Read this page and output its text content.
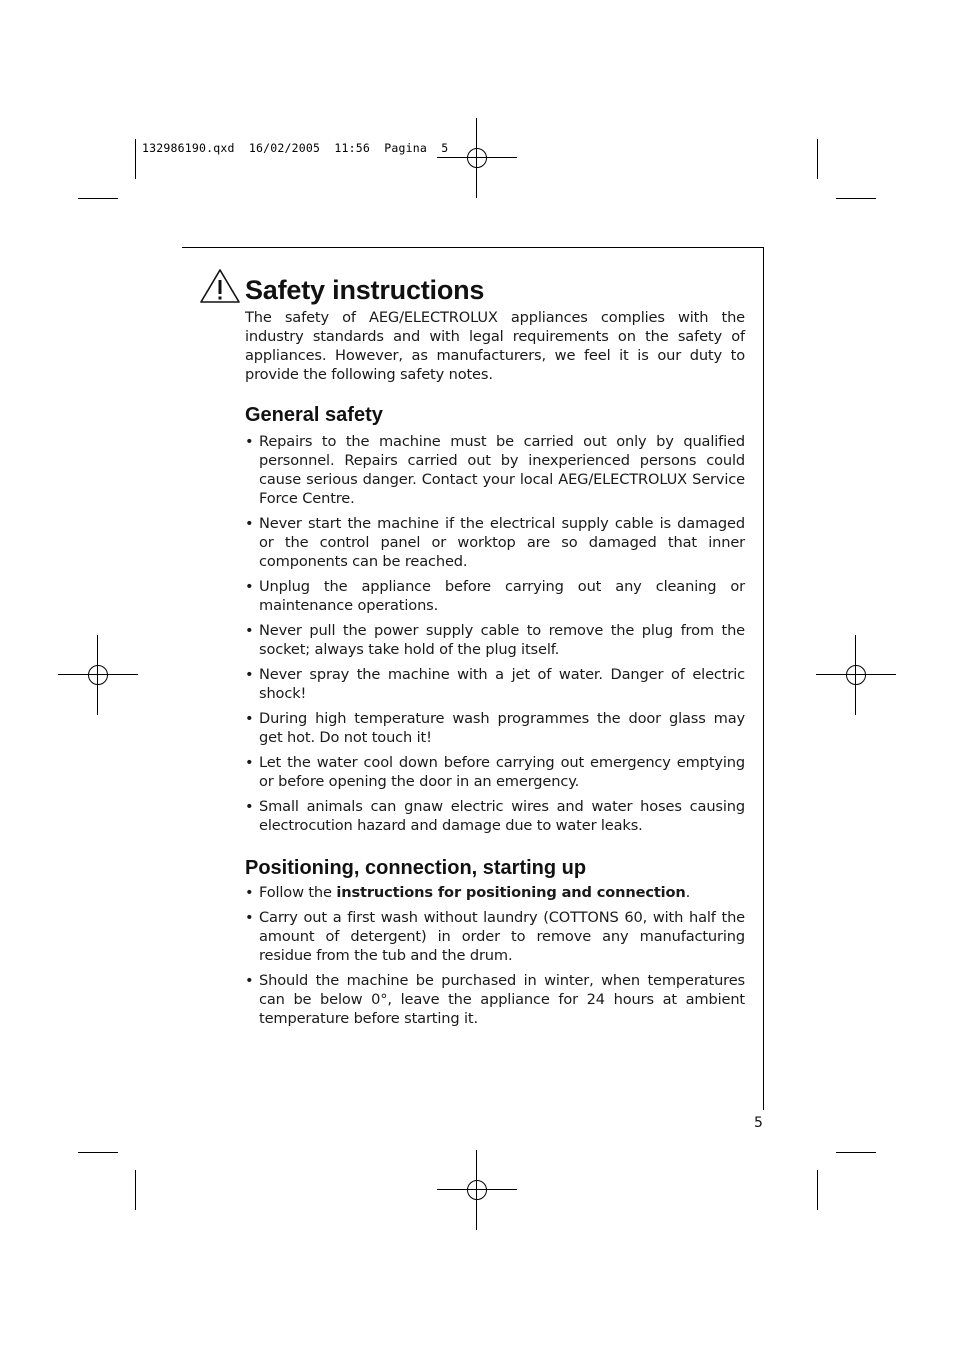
132986190.qxd  16/02/2005  11:56  Pagina  5
Safety instructions

The safety of AEG/ELECTROLUX appliances complies with the industry standards and with legal requirements on the safety of appliances. However, as manufacturers, we feel it is our duty to provide the following safety notes.

General safety
• Repairs to the machine must be carried out only by qualified personnel. Repairs carried out by inexperienced persons could cause serious danger. Contact your local AEG/ELECTROLUX Service Force Centre.
• Never start the machine if the electrical supply cable is damaged or the control panel or worktop are so damaged that inner components can be reached.
• Unplug the appliance before carrying out any cleaning or maintenance operations.
• Never pull the power supply cable to remove the plug from the socket; always take hold of the plug itself.
• Never spray the machine with a jet of water. Danger of electric shock!
• During high temperature wash programmes the door glass may get hot. Do not touch it!
• Let the water cool down before carrying out emergency emptying or before opening the door in an emergency.
• Small animals can gnaw electric wires and water hoses causing electrocution hazard and damage due to water leaks.
Positioning, connection, starting up
• Follow the instructions for positioning and connection.
• Carry out a first wash without laundry (COTTONS 60, with half the amount of detergent) in order to remove any manufacturing residue from the tub and the drum.
• Should the machine be purchased in winter, when temperatures can be below 0°, leave the appliance for 24 hours at ambient temperature before starting it.
5
